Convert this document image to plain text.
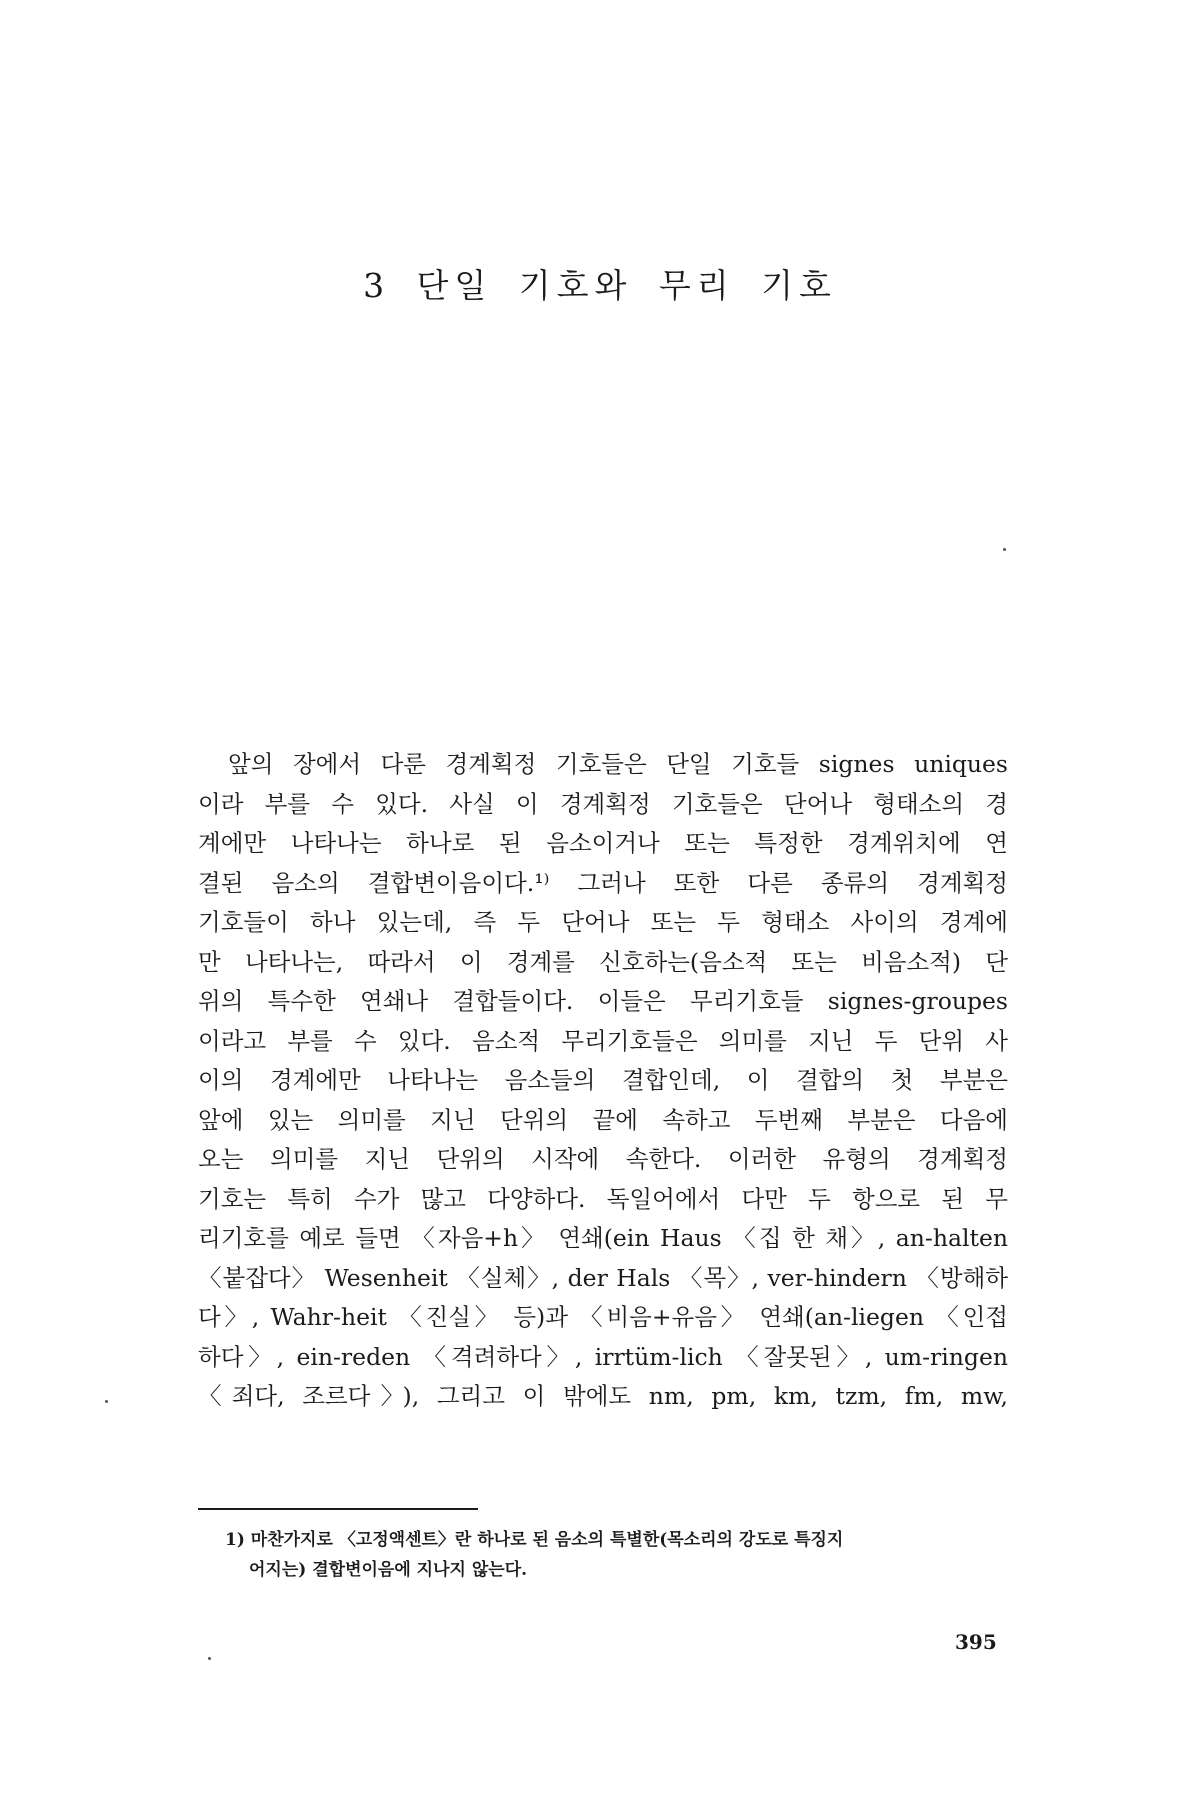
3 단일 기호와 무리 기호
앞의 장에서 다룬 경계획정 기호들은 단일 기호들 signes uniques
이라 부를 수 있다. 사실 이 경계획정 기호들은 단어나 형태소의 경
계에만 나타나는 하나로 된 음소이거나 또는 특정한 경계위치에 연
결된 음소의 결합변이음이다.¹⁾ 그러나 또한 다른 종류의 경계획정
기호들이 하나 있는데, 즉 두 단어나 또는 두 형태소 사이의 경계에
만 나타나는, 따라서 이 경계를 신호하는(음소적 또는 비음소적) 단
위의 특수한 연쇄나 결합들이다. 이들은 무리기호들 signes-groupes
이라고 부를 수 있다. 음소적 무리기호들은 의미를 지닌 두 단위 사
이의 경계에만 나타나는 음소들의 결합인데, 이 결합의 첫 부분은
앞에 있는 의미를 지닌 단위의 끝에 속하고 두번째 부분은 다음에
오는 의미를 지닌 단위의 시작에 속한다. 이러한 유형의 경계획정
기호는 특히 수가 많고 다양하다. 독일어에서 다만 두 항으로 된 무
리기호를 예로 들면 〈자음+h〉 연쇄(ein Haus 〈집 한 채〉, an-halten
〈붙잡다〉 Wesenheit 〈실체〉, der Hals 〈목〉, ver-hindern 〈방해하
다〉, Wahr-heit 〈진실〉 등)과 〈비음+유음〉 연쇄(an-liegen 〈인접
하다〉, ein-reden 〈격려하다〉, irrtüm-lich 〈잘못된〉, um-ringen
〈죄다, 조르다〉), 그리고 이 밖에도 nm, pm, km, tzm, fm, mw,
1) 마찬가지로 〈고정액센트〉란 하나로 된 음소의 특별한(목소리의 강도로 특징지
어지는) 결합변이음에 지나지 않는다.
395
